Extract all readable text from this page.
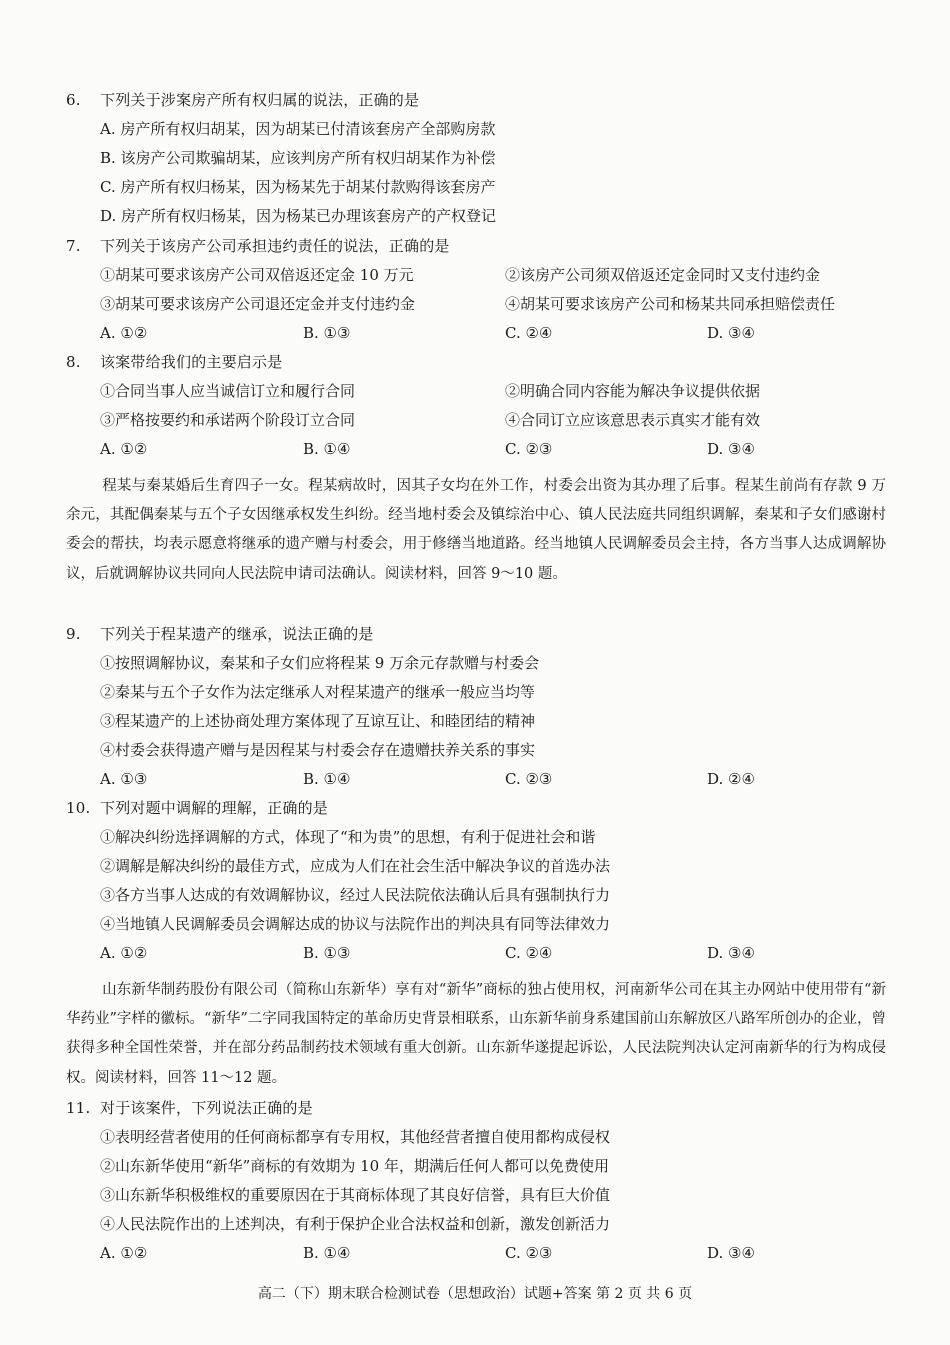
6. 下列关于涉案房产所有权归属的说法，正确的是
A. 房产所有权归胡某，因为胡某已付清该套房产全部购房款
B. 该房产公司欺骗胡某，应该判房产所有权归胡某作为补偿
C. 房产所有权归杨某，因为杨某先于胡某付款购得该套房产
D. 房产所有权归杨某，因为杨某已办理该套房产的产权登记
7. 下列关于该房产公司承担违约责任的说法，正确的是
①胡某可要求该房产公司双倍返还定金 10 万元	②该房产公司须双倍返还定金同时又支付违约金
③胡某可要求该房产公司退还定金并支付违约金	④胡某可要求该房产公司和杨某共同承担赔偿责任
A. ①②	B. ①③	C. ②④	D. ③④
8. 该案带给我们的主要启示是
①合同当事人应当诚信订立和履行合同	②明确合同内容能为解决争议提供依据
③严格按要约和承诺两个阶段订立合同	④合同订立应该意思表示真实才能有效
A. ①②	B. ①④	C. ②③	D. ③④
程某与秦某婚后生育四子一女。程某病故时，因其子女均在外工作，村委会出资为其办理了后事。程某生前尚有存款 9 万余元，其配偶秦某与五个子女因继承权发生纠纷。经当地村委会及镇综治中心、镇人民法庭共同组织调解，秦某和子女们感谢村委会的帮扶，均表示愿意将继承的遗产赠与村委会，用于修缮当地道路。经当地镇人民调解委员会主持，各方当事人达成调解协议，后就调解协议共同向人民法院申请司法确认。阅读材料，回答 9～10 题。
9. 下列关于程某遗产的继承，说法正确的是
①按照调解协议，秦某和子女们应将程某 9 万余元存款赠与村委会
②秦某与五个子女作为法定继承人对程某遗产的继承一般应当均等
③程某遗产的上述协商处理方案体现了互谅互让、和睦团结的精神
④村委会获得遗产赠与是因程某与村委会存在遗赠扶养关系的事实
A. ①③	B. ①④	C. ②③	D. ②④
10. 下列对题中调解的理解，正确的是
①解决纠纷选择调解的方式，体现了“和为贵”的思想，有利于促进社会和谐
②调解是解决纠纷的最佳方式，应成为人们在社会生活中解决争议的首选办法
③各方当事人达成的有效调解协议，经过人民法院依法确认后具有强制执行力
④当地镇人民调解委员会调解达成的协议与法院作出的判决具有同等法律效力
A. ①②	B. ①③	C. ②④	D. ③④
山东新华制药股份有限公司（简称山东新华）享有对“新华”商标的独占使用权，河南新华公司在其主办网站中使用带有“新华药业”字样的徽标。“新华”二字同我国特定的革命历史背景相联系，山东新华前身系建国前山东解放区八路军所创办的企业，曾获得多种全国性荣誉，并在部分药品制药技术领域有重大创新。山东新华遂提起诉讼，人民法院判决认定河南新华的行为构成侵权。阅读材料，回答 11～12 题。
11. 对于该案件，下列说法正确的是
①表明经营者使用的任何商标都享有专用权，其他经营者擅自使用都构成侵权
②山东新华使用“新华”商标的有效期为 10 年，期满后任何人都可以免费使用
③山东新华积极维权的重要原因在于其商标体现了其良好信誉，具有巨大价值
④人民法院作出的上述判决，有利于保护企业合法权益和创新，激发创新活力
A. ①②	B. ①④	C. ②③	D. ③④
高二（下）期末联合检测试卷（思想政治）试题+答案 第 2 页 共 6 页
